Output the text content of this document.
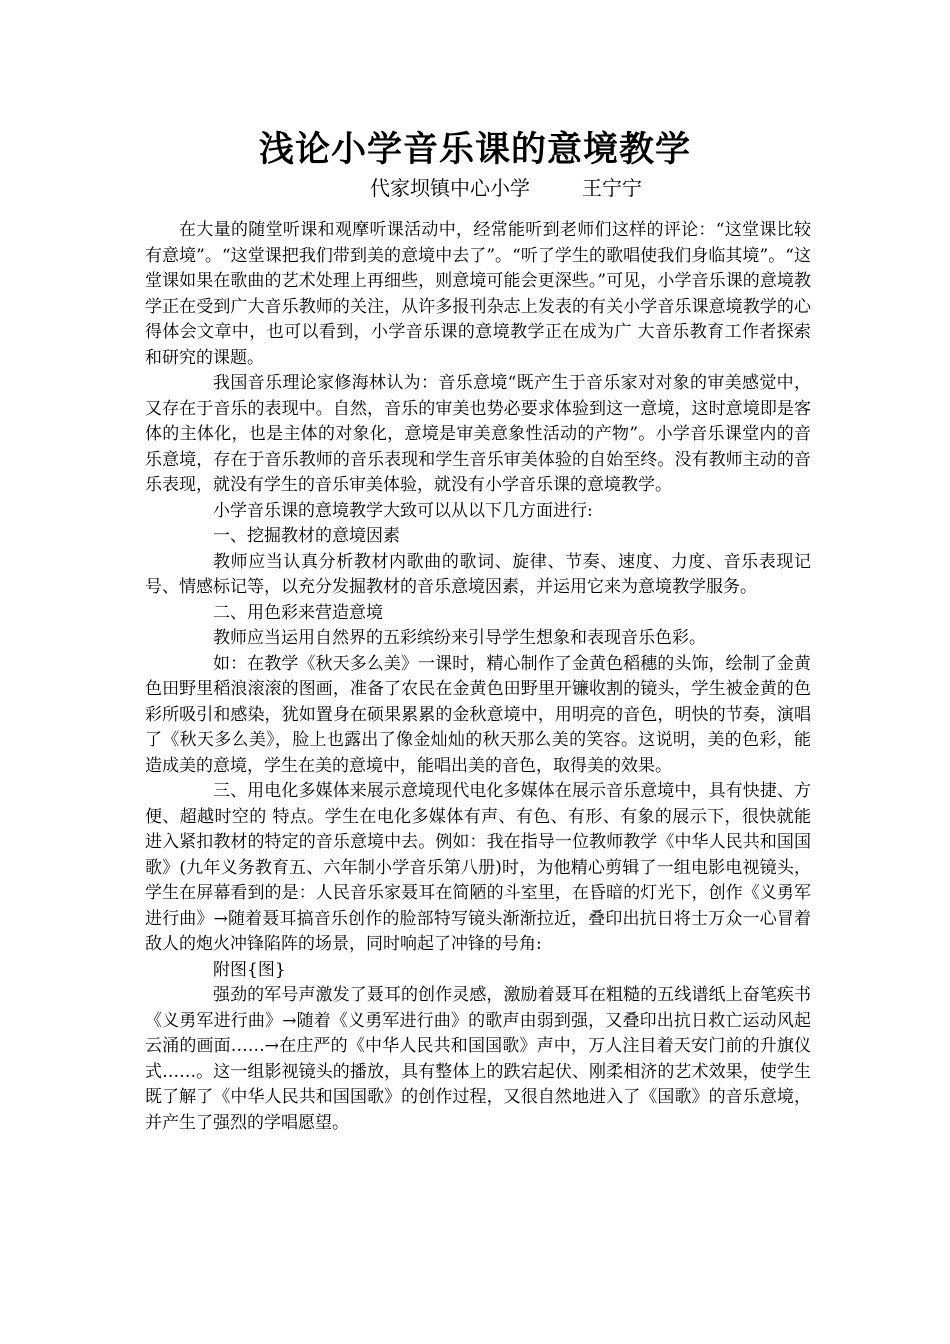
浅论小学音乐课的意境教学
代家坝镇中心小学	王宁宁

在大量的随堂听课和观摩听课活动中，经常能听到老师们这样的评论：“这堂课比较有意境”。“这堂课把我们带到美的意境中去了”。“听了学生的歌唱使我们身临其境”。“这堂课如果在歌曲的艺术处理上再细些，则意境可能会更深些。”可见，小学音乐课的意境教学正在受到广大音乐教师的关注，从许多报刊杂志上发表的有关小学音乐课意境教学的心得体会文章中，也可以看到，小学音乐课的意境教学正在成为广 大音乐教育工作者探索和研究的课题。

我国音乐理论家修海林认为：音乐意境“既产生于音乐家对对象的审美感觉中，又存在于音乐的表现中。自然，音乐的审美也势必要求体验到这一意境，这时意境即是客体的主体化，也是主体的对象化，意境是审美意象性活动的产物”。小学音乐课堂内的音乐意境，存在于音乐教师的音乐表现和学生音乐审美体验的自始至终。没有教师主动的音乐表现，就没有学生的音乐审美体验，就没有小学音乐课的意境教学。

小学音乐课的意境教学大致可以从以下几方面进行:

一、挖掘教材的意境因素

教师应当认真分析教材内歌曲的歌词、旋律、节奏、速度、力度、音乐表现记号、情感标记等，以充分发掘教材的音乐意境因素，并运用它来为意境教学服务。

二、用色彩来营造意境

教师应当运用自然界的五彩缤纷来引导学生想象和表现音乐色彩。

如：在教学《秋天多么美》一课时，精心制作了金黄色稻穗的头饰，绘制了金黄色田野里稻浪滚滚的图画，准备了农民在金黄色田野里开镰收割的镜头，学生被金黄的色彩所吸引和感染，犹如置身在硕果累累的金秋意境中，用明亮的音色，明快的节奏，演唱了《秋天多么美》，脸上也露出了像金灿灿的秋天那么美的笑容。这说明，美的色彩，能造成美的意境，学生在美的意境中，能唱出美的音色，取得美的效果。

三、用电化多媒体来展示意境现代电化多媒体在展示音乐意境中，具有快捷、方便、超越时空的 特点。学生在电化多媒体有声、有色、有形、有象的展示下，很快就能进入紧扣教材的特定的音乐意境中去。例如：我在指导一位教师教学《中华人民共和国国歌》(九年义务教育五、六年制小学音乐第八册)时，为他精心剪辑了一组电影电视镜头，学生在屏幕看到的是：人民音乐家聂耳在简陋的斗室里，在昏暗的灯光下，创作《义勇军进行曲》→随着聂耳搞音乐创作的脸部特写镜头渐渐拉近，叠印出抗日将士万众一心冒着敌人的炮火冲锋陷阵的场景，同时响起了冲锋的号角:

附图{图}

强劲的军号声激发了聂耳的创作灵感，激励着聂耳在粗糙的五线谱纸上奋笔疾书《义勇军进行曲》→随着《义勇军进行曲》的歌声由弱到强，又叠印出抗日救亡运动风起云涌的画面……→在庄严的《中华人民共和国国歌》声中，万人注目着天安门前的升旗仪式……。这一组影视镜头的播放，具有整体上的跌宕起伏、刚柔相济的艺术效果，使学生既了解了《中华人民共和国国歌》的创作过程，又很自然地进入了《国歌》的音乐意境，并产生了强烈的学唱愿望。
